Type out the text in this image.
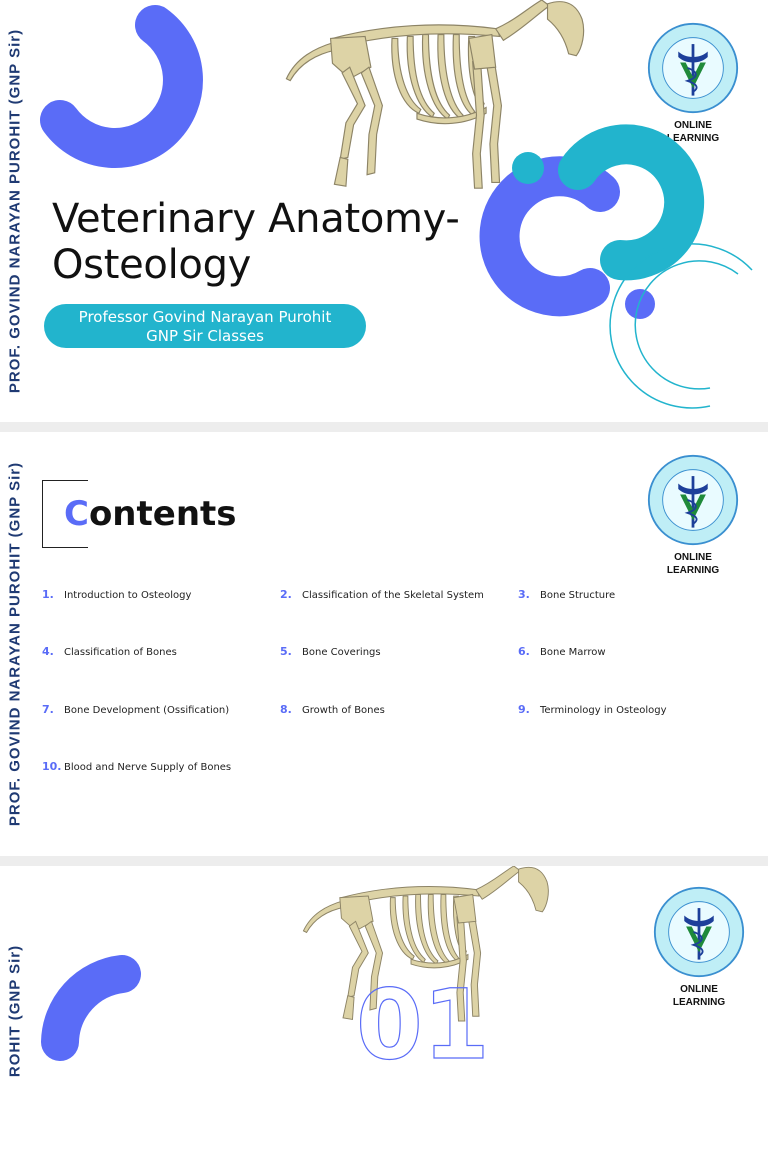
PROF. GOVIND NARAYAN PUROHIT (GNP Sir)	ONLINE
LEARNING
Veterinary Anatomy-
Osteology
Professor Govind Narayan Purohit
GNP Sir Classes
PROF. GOVIND NARAYAN PUROHIT (GNP Sir) Contents
ONLINE
LEARNING
1.	Introduction to Osteology	2.	Classification of the Skeletal System	3.	Bone Structure
4.	Classification of Bones	5.	Bone Coverings	6.	Bone Marrow
7.	Bone Development (Ossification)	8.	Growth of Bones	9.	Terminology in Osteology
10. Blood and Nerve Supply of Bones
ROHIT (GNP Sir)	01	ONLINE
LEARNING
